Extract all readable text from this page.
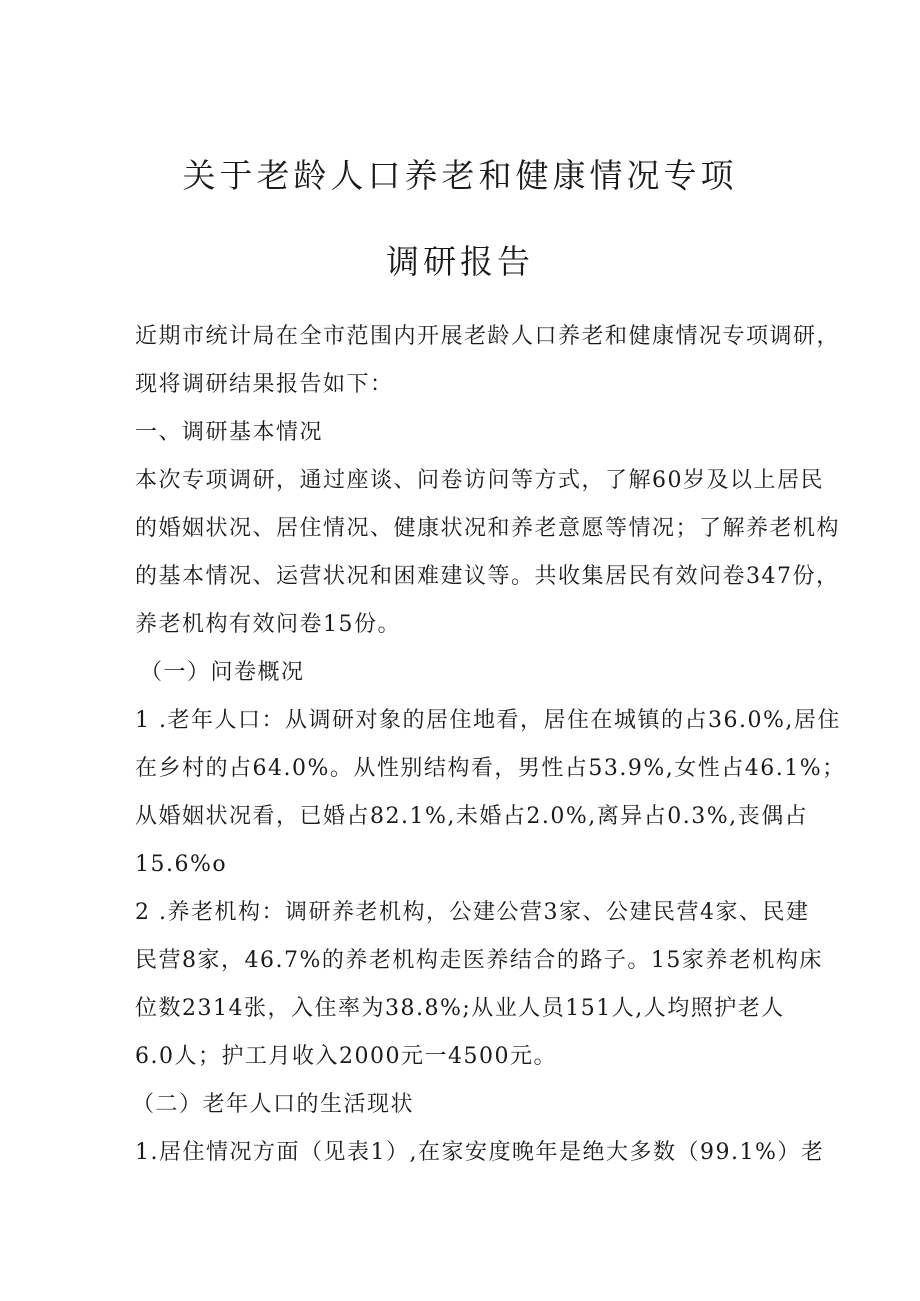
关于老龄人口养老和健康情况专项
调研报告

近期市统计局在全市范围内开展老龄人口养老和健康情况专项调研，

现将调研结果报告如下：

一、调研基本情况

本次专项调研，通过座谈、问卷访问等方式，了解60岁及以上居民

的婚姻状况、居住情况、健康状况和养老意愿等情况；了解养老机构

的基本情况、运营状况和困难建议等。共收集居民有效问卷347份，

养老机构有效问卷15份。

（一）问卷概况

1 .老年人口：从调研对象的居住地看，居住在城镇的占36.0%,居住

在乡村的占64.0%。从性别结构看，男性占53.9%,女性占46.1%；

从婚姻状况看，已婚占82.1%,未婚占2.0%,离异占0.3%,丧偶占

15.6%o

2 .养老机构：调研养老机构，公建公营3家、公建民营4家、民建

民营8家，46.7%的养老机构走医养结合的路子。15家养老机构床

位数2314张，入住率为38.8%;从业人员151人,人均照护老人

6.0人；护工月收入2000元一4500元。

（二）老年人口的生活现状

1.居住情况方面（见表1）,在家安度晚年是绝大多数（99.1%）老
